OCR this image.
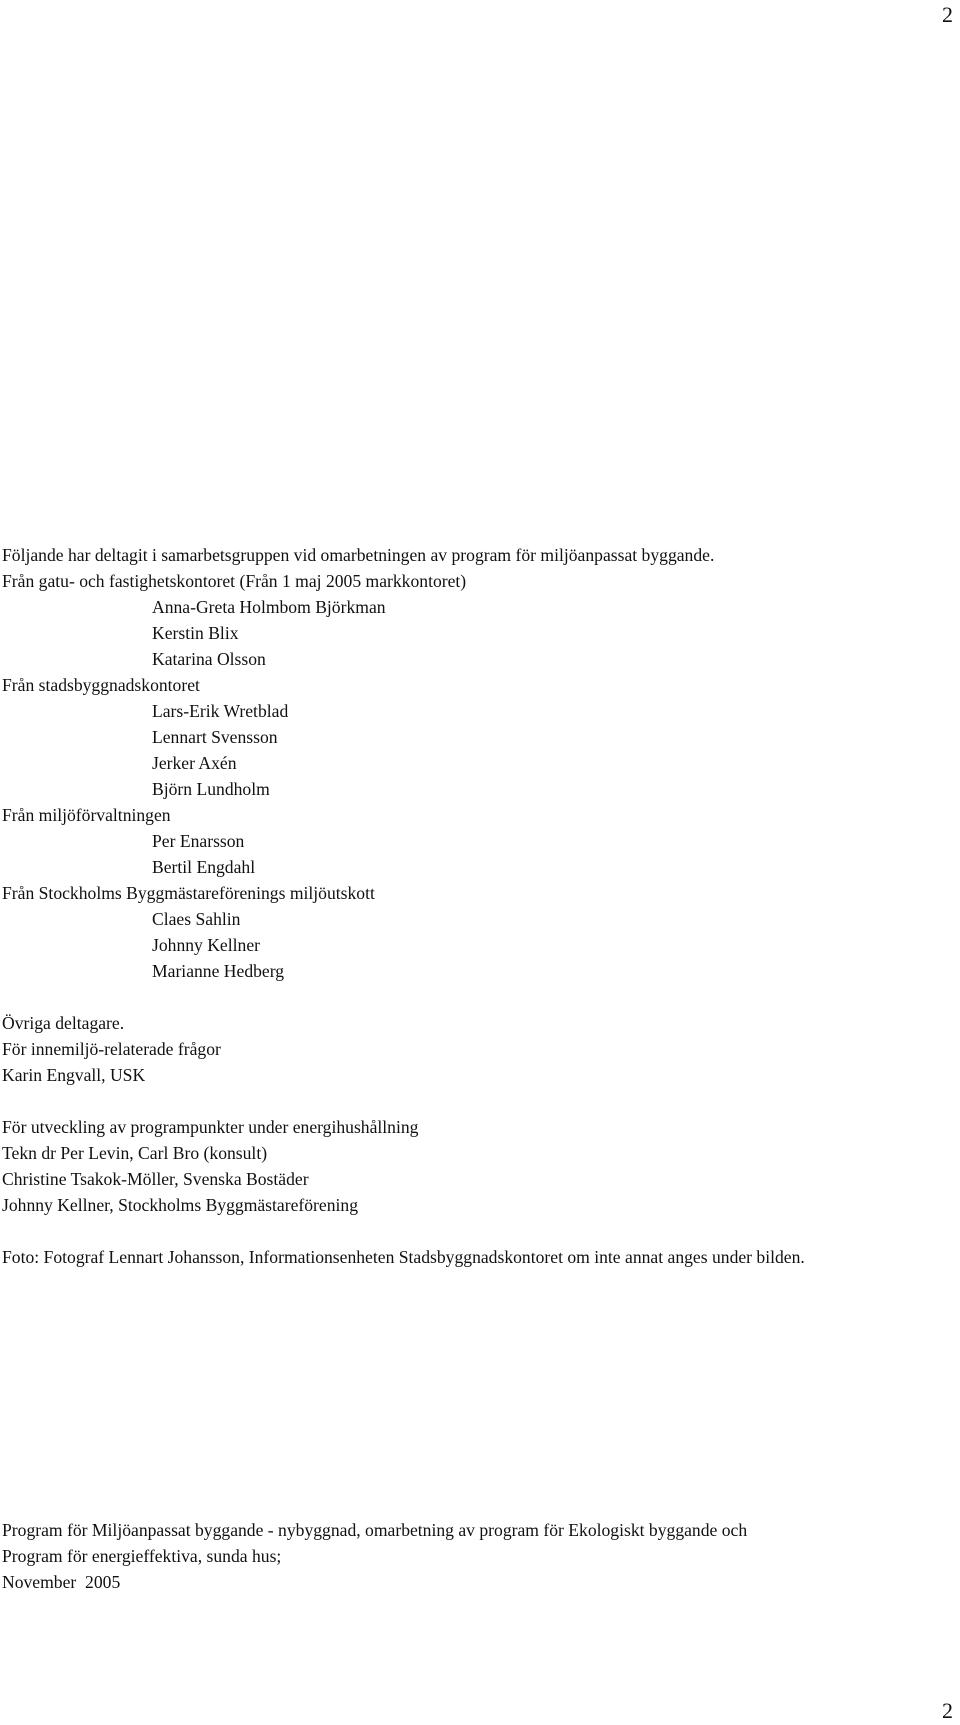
2
Följande har deltagit i samarbetsgruppen vid omarbetningen av program för miljöanpassat byggande.
Från gatu- och fastighetskontoret (Från 1 maj 2005 markkontoret)
Anna-Greta Holmbom Björkman
Kerstin Blix
Katarina Olsson
Från stadsbyggnadskontoret
Lars-Erik Wretblad
Lennart Svensson
Jerker Axén
Björn Lundholm
Från miljöförvaltningen
Per Enarsson
Bertil Engdahl
Från Stockholms Byggmästareförenings miljöutskott
Claes Sahlin
Johnny Kellner
Marianne Hedberg
Övriga deltagare.
För innemiljö-relaterade frågor
Karin Engvall, USK
För utveckling av programpunkter under energihushållning
Tekn dr Per Levin, Carl Bro (konsult)
Christine Tsakok-Möller, Svenska Bostäder
Johnny Kellner, Stockholms Byggmästareförening
Foto: Fotograf Lennart Johansson, Informationsenheten Stadsbyggnadskontoret om inte annat anges under bilden.
Program för Miljöanpassat byggande - nybyggnad, omarbetning av program för Ekologiskt byggande och
Program för energieffektiva, sunda hus;
November  2005
2
